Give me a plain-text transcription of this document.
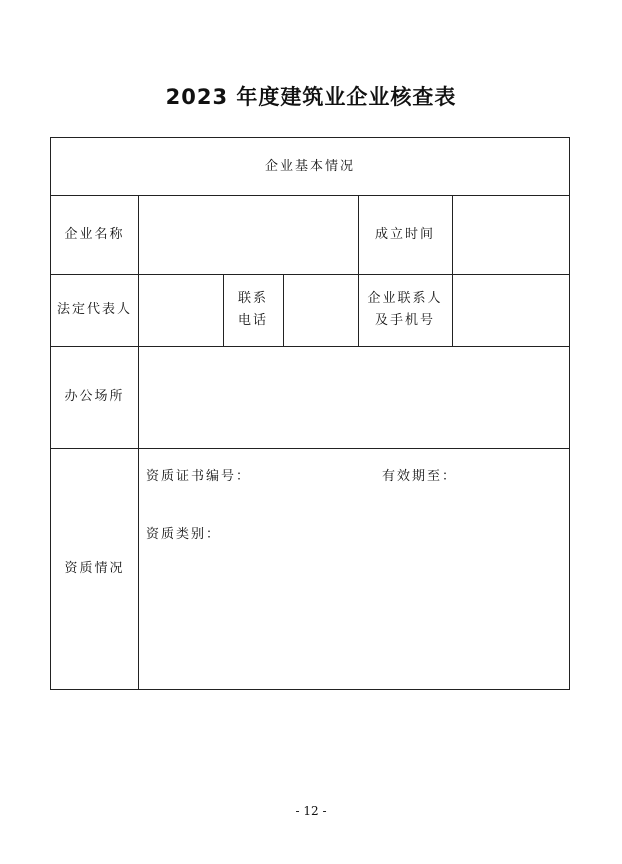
2023 年度建筑业企业核查表
企业基本情况
企业名称	成立时间
法定代表人
联系
电话
企业联系人
及手机号
办公场所
资质情况
资质证书编号：	有效期至：
资质类别：
- 12 -
